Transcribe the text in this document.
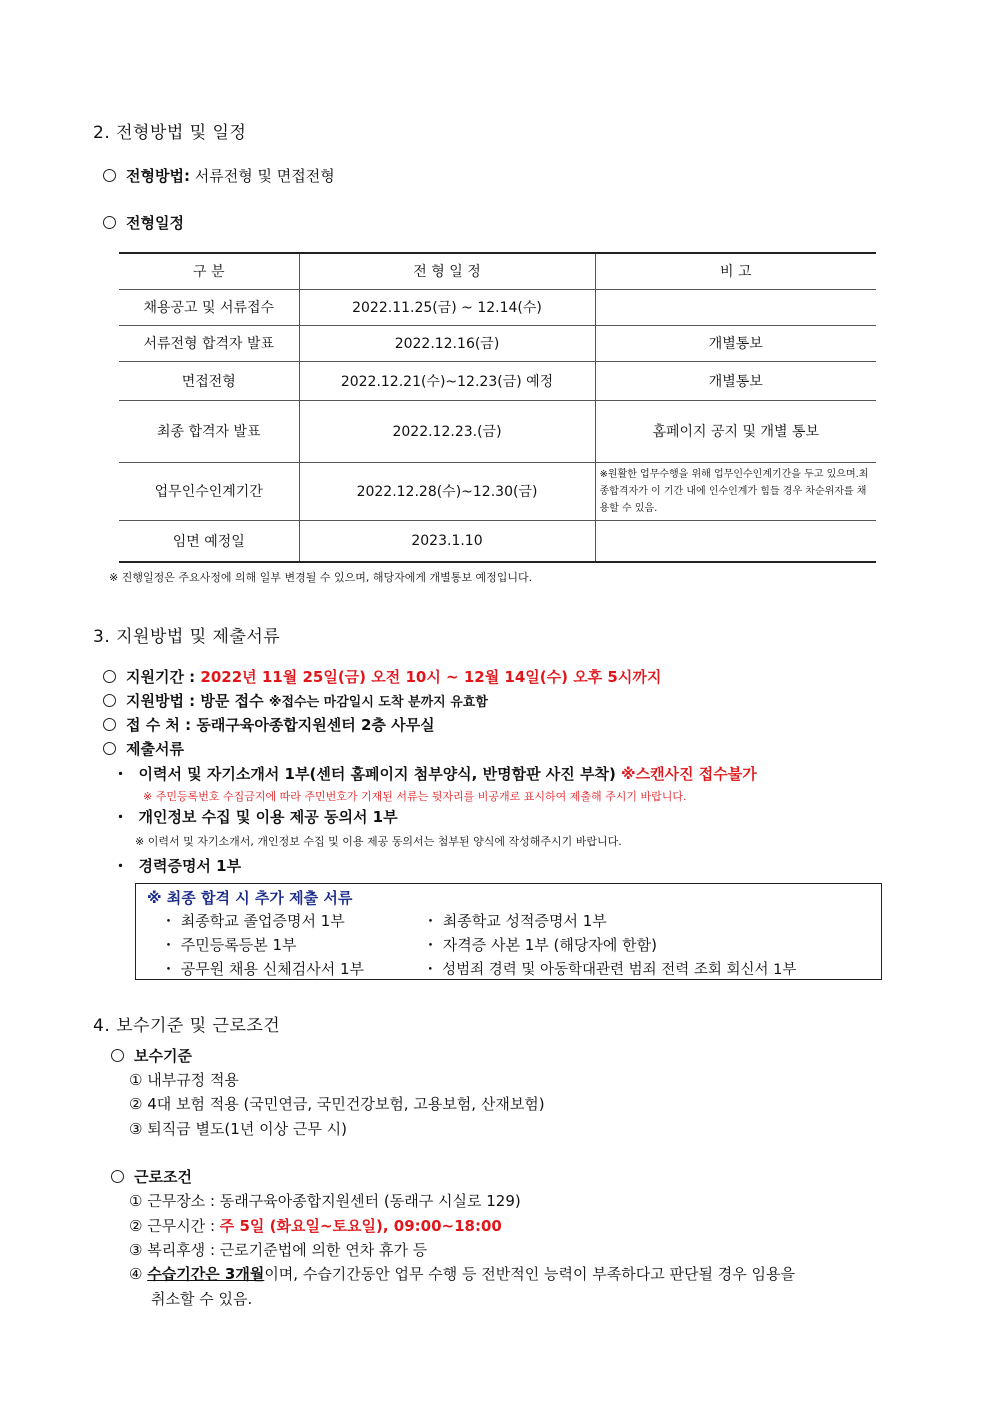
2. 전형방법 및 일정
전형방법: 서류전형 및 면접전형
전형일정
구 분	전 형 일 정	비 고
채용공고 및 서류접수	2022.11.25(금) ~ 12.14(수)	
서류전형 합격자 발표	2022.12.16(금)	개별통보
면접전형	2022.12.21(수)~12.23(금) 예정	개별통보
최종 합격자 발표	2022.12.23.(금)	홈페이지 공지 및 개별 통보
업무인수인계기간	2022.12.28(수)~12.30(금)	※원활한 업무수행을 위해 업무인수인계기간을 두고 있으며.최종합격자가 이 기간 내에 인수인계가 힘들 경우 차순위자를 채용할 수 있음.
임면 예정일	2023.1.10	
※ 진행일정은 주요사정에 의해 일부 변경될 수 있으며, 해당자에게 개별통보 예정입니다.
3. 지원방법 및 제출서류
지원기간 : 2022년 11월 25일(금) 오전 10시 ~ 12월 14일(수) 오후 5시까지
지원방법 : 방문 접수 ※접수는 마감일시 도착 분까지 유효함
접 수 처 : 동래구육아종합지원센터 2층 사무실
제출서류
・ 이력서 및 자기소개서 1부(센터 홈페이지 첨부양식, 반명함판 사진 부착) ※스캔사진 접수불가
※ 주민등록번호 수집금지에 따라 주민번호가 기재된 서류는 뒷자리를 비공개로 표시하여 제출해 주시기 바랍니다.
・ 개인정보 수집 및 이용 제공 동의서 1부
※ 이력서 및 자기소개서, 개인정보 수집 및 이용 제공 동의서는 첨부된 양식에 작성해주시기 바랍니다.
・ 경력증명서 1부
※ 최종 합격 시 추가 제출 서류
・ 최종학교 졸업증명서 1부
・ 주민등록등본 1부
・ 공무원 채용 신체검사서 1부
・ 최종학교 성적증명서 1부
・ 자격증 사본 1부 (해당자에 한함)
・ 성범죄 경력 및 아동학대관련 범죄 전력 조회 회신서 1부
4. 보수기준 및 근로조건
보수기준
① 내부규정 적용
② 4대 보험 적용 (국민연금, 국민건강보험, 고용보험, 산재보험)
③ 퇴직금 별도(1년 이상 근무 시)
근로조건
① 근무장소 : 동래구육아종합지원센터 (동래구 시실로 129)
② 근무시간 : 주 5일 (화요일~토요일), 09:00~18:00
③ 복리후생 : 근로기준법에 의한 연차 휴가 등
④ 수습기간은 3개월이며, 수습기간동안 업무 수행 등 전반적인 능력이 부족하다고 판단될 경우 임용을
취소할 수 있음.
